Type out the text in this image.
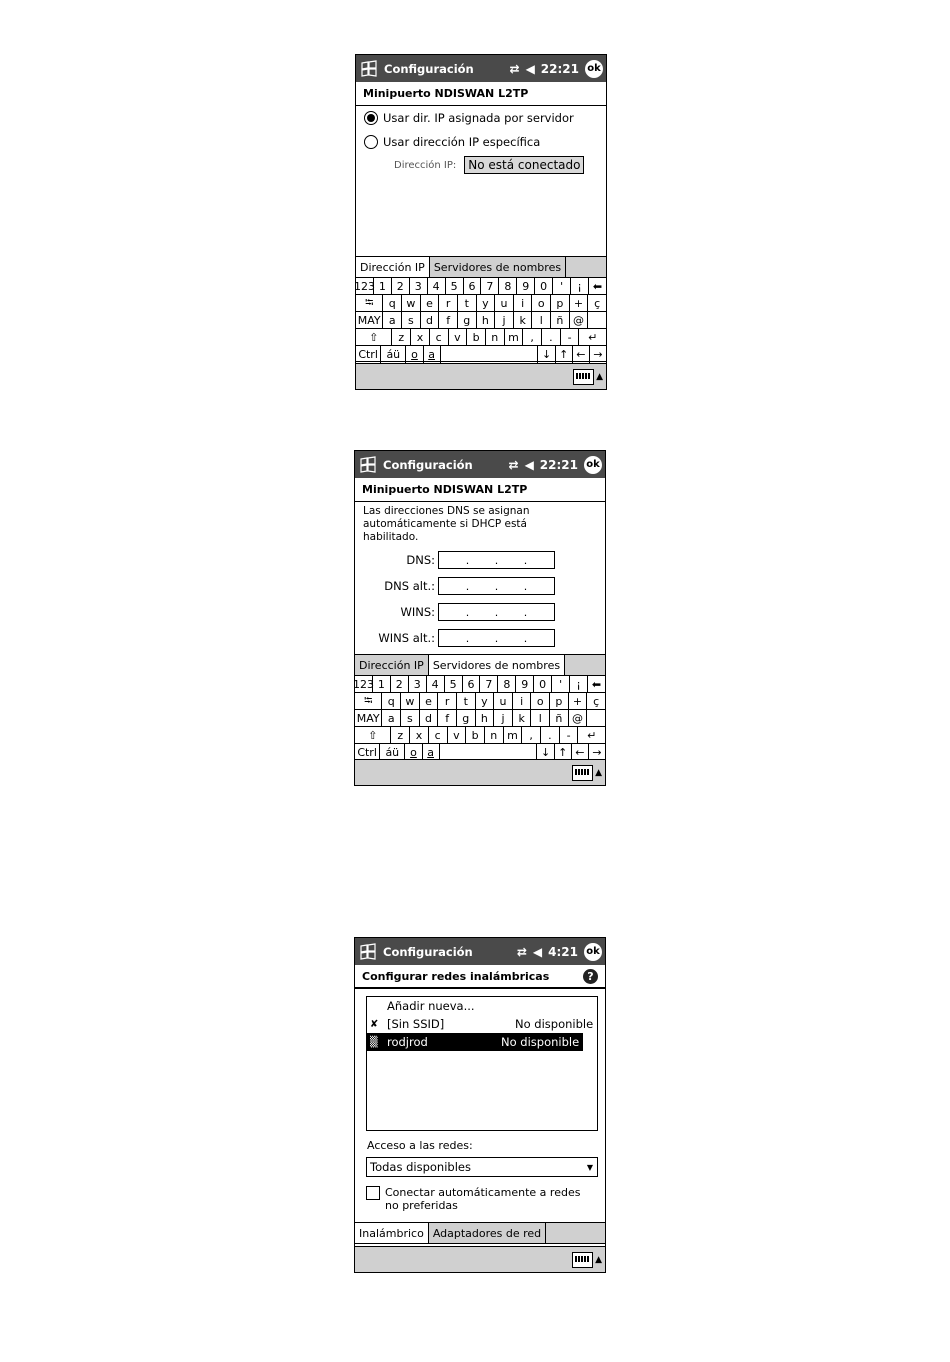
Configuración	⇄ ◀︎ 22:21 ok
Minipuerto NDISWAN L2TP
Usar dir. IP asignada por servidor
Usar dirección IP específica
Dirección IP:	No está conectado
Dirección IP Servidores de nombres
123 1 2 3 4 5 6 7 8 9 0	'	¡	⬅
⭾	q w e	r	t	y	u	i	o	p + ç
MAY a	s	d	f	g	h	j	k	l	ñ @
⇧	z	x	c	v	b	n m	,	.	-	↵
Ctrl áü o a	↓ ↑ ← →
▲
Configuración	⇄ ◀︎ 22:21 ok
Minipuerto NDISWAN L2TP
Las direcciones DNS se asignan automáticamente si DHCP está habilitado.
DNS:	. . .
DNS alt.:	. . .
WINS:	. . .
WINS alt.:	. . .
Dirección IP Servidores de nombres
123 1 2 3 4 5 6 7 8 9 0	'	¡	⬅
⭾	q w e	r	t	y	u	i	o	p + ç
MAY a	s	d	f	g	h	j	k	l	ñ @
⇧	z	x	c	v	b	n m	,	.	-	↵
Ctrl áü o a	↓ ↑ ← →
▲
Configuración	⇄ ◀︎ 4:21 ok
Configurar redes inalámbricas	?
Añadir nueva...
✘ [Sin SSID]	No disponible
▒ rodjrod	No disponible
Acceso a las redes:
Todas disponibles	▼
Conectar automáticamente a redes no preferidas
Inalámbrico Adaptadores de red
▲
